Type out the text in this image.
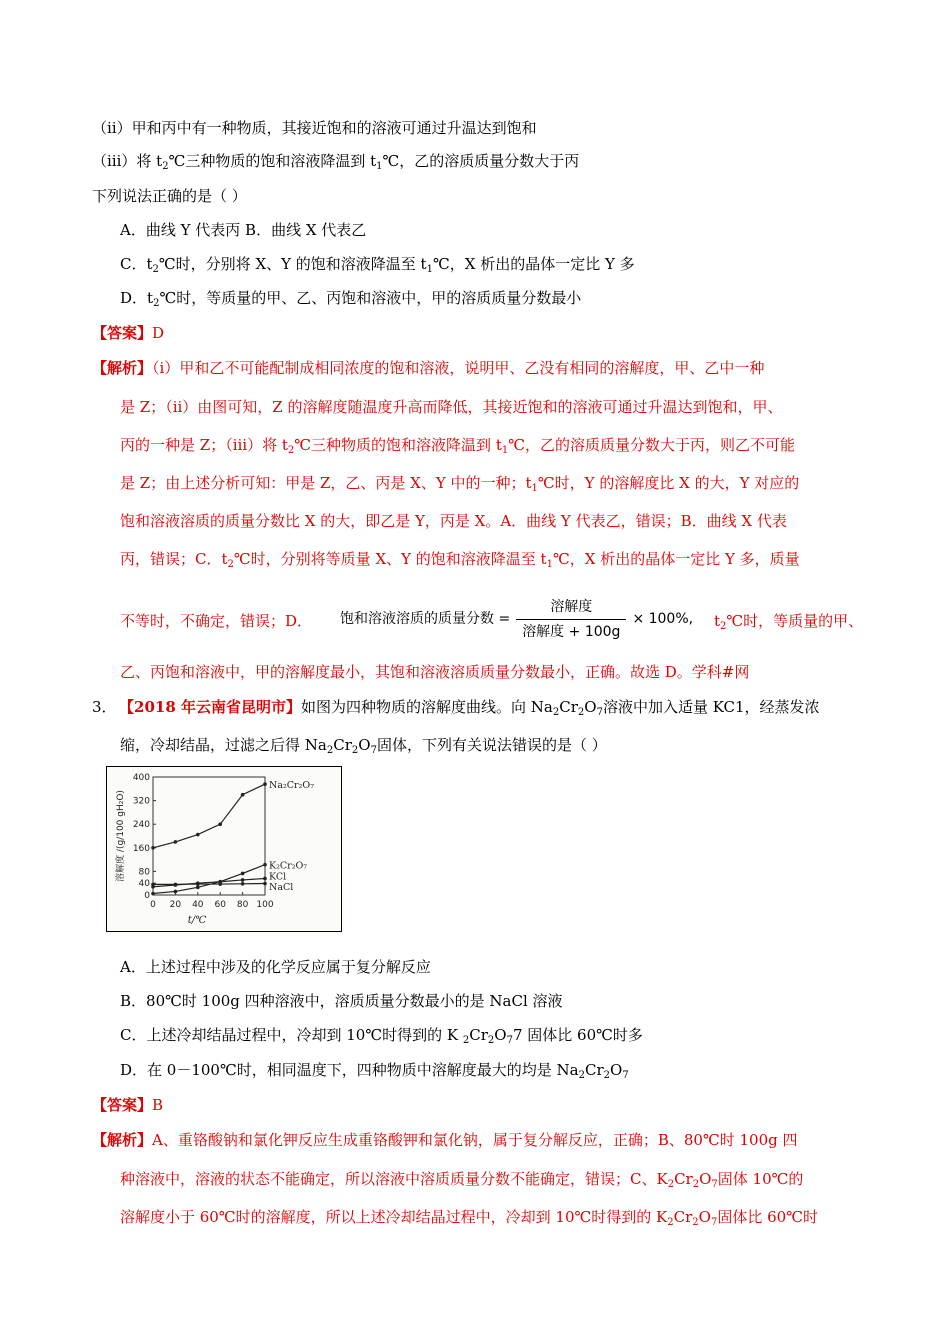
（ⅱ）甲和丙中有一种物质，其接近饱和的溶液可通过升温达到饱和
（ⅲ）将 $t_2℃$三种物质的饱和溶液降温到 $t_1℃$，乙的溶质质量分数大于丙
下列说法正确的是（ ）
A．曲线 Y 代表丙 B．曲线 X 代表乙
C．$t_2℃$时，分别将 X、Y 的饱和溶液降温至 $t_1℃$，X 析出的晶体一定比 Y 多
D．$t_2℃$时，等质量的甲、乙、丙饱和溶液中，甲的溶质质量分数最小
【答案】D
【解析】（ⅰ）甲和乙不可能配制成相同浓度的饱和溶液，说明甲、乙没有相同的溶解度，甲、乙中一种
是 Z；（ⅱ）由图可知，Z 的溶解度随温度升高而降低，其接近饱和的溶液可通过升温达到饱和，甲、
丙的一种是 Z；（ⅲ）将 $t_2℃$三种物质的饱和溶液降温到 $t_1℃$，乙的溶质质量分数大于丙，则乙不可能
是 Z；由上述分析可知：甲是 Z，乙、丙是 X、Y 中的一种；$t_1℃$时，Y 的溶解度比 X 的大，Y 对应的
饱和溶液溶质的质量分数比 X 的大，即乙是 Y，丙是 X。A．曲线 Y 代表乙，错误；B．曲线 X 代表
丙，错误；C．$t_2℃$时，分别将等质量 X、Y 的饱和溶液降温至 $t_1℃$，X 析出的晶体一定比 Y 多，质量
不等时，不确定，错误；D． 饱和溶液溶质的质量分数 = $\frac{\text{溶解度}}{\text{溶解度 + 100g}} \times 100\%$, $t_2℃$时，等质量的甲、
乙、丙饱和溶液中，甲的溶解度最小，其饱和溶液溶质质量分数最小，正确。故选 D。学科#网
3． 【2018 年云南省昆明市】如图为四种物质的溶解度曲线。向 $Na_2Cr_2O_7$溶液中加入适量 KC1，经蒸发浓
缩，冷却结晶，过滤之后得 $Na_2Cr_2O_7$固体，下列有关说法错误的是（ ）
0
40
80
160
240
320
400
0 20 40 60 80 100
t/℃
溶解度 /(g/100 gH₂O)
Na₂Cr₂O₇
K₂Cr₂O₇
KCl
NaCl
A．上述过程中涉及的化学反应属于复分解反应
B．80℃时 100g 四种溶液中，溶质质量分数最小的是 NaCl 溶液
C．上述冷却结晶过程中，冷却到 10℃时得到的 K $_2Cr_2O_77$ 固体比 60℃时多
D．在 0－100℃时，相同温度下，四种物质中溶解度最大的均是 $Na_2Cr_2O_7$
【答案】B
【解析】A、重铬酸钠和氯化钾反应生成重铬酸钾和氯化钠，属于复分解反应，正确；B、80℃时 100g 四
种溶液中，溶液的状态不能确定，所以溶液中溶质质量分数不能确定，错误；C、$K_2Cr_2O_7$固体 10℃的
溶解度小于 60℃时的溶解度，所以上述冷却结晶过程中，冷却到 10℃时得到的 $K_2Cr_2O_7$固体比 60℃时
